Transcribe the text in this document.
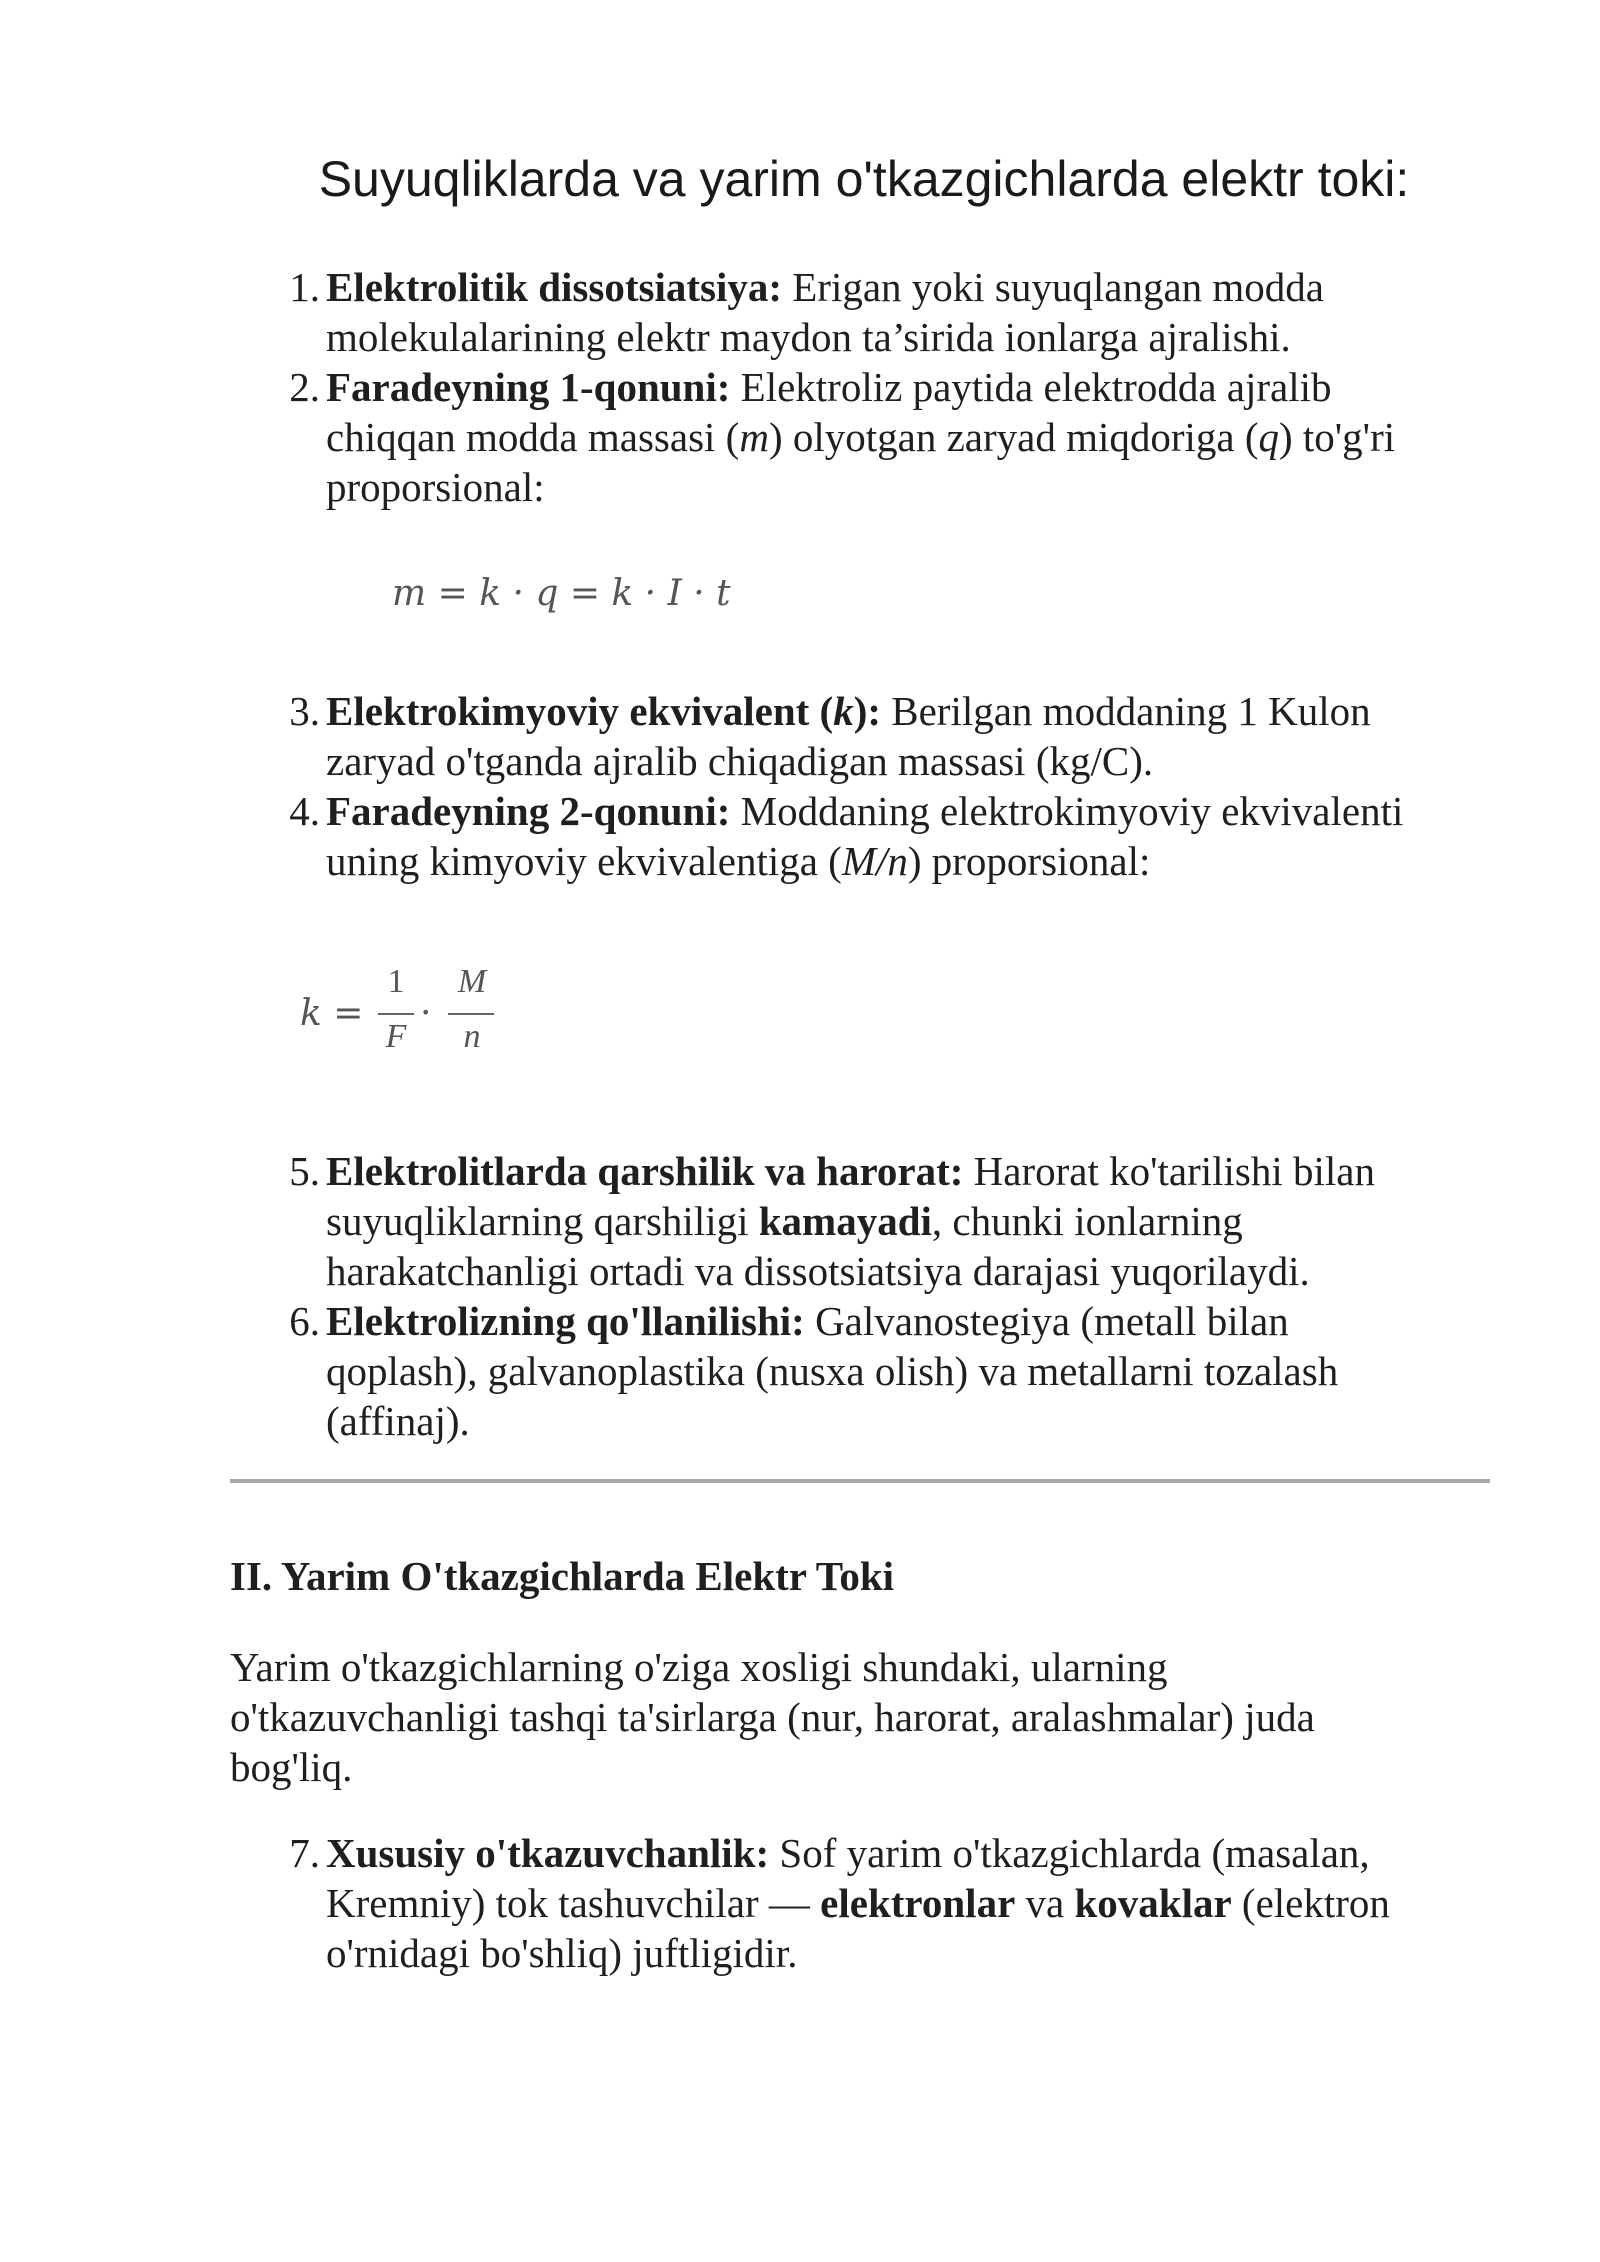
Suyuqliklarda va yarim o'tkazgichlarda elektr toki:
1. Elektrolitik dissotsiatsiya: Erigan yoki suyuqlangan modda
molekulalarining elektr maydon ta’sirida ionlarga ajralishi.
2. Faradeyning 1-qonuni: Elektroliz paytida elektrodda ajralib
chiqqan modda massasi (m) olyotgan zaryad miqdoriga (q) to'g'ri
proporsional:
m = k · q = k · I · t
3. Elektrokimyoviy ekvivalent (k): Berilgan moddaning 1 Kulon
zaryad o'tganda ajralib chiqadigan massasi (kg/C).
4. Faradeyning 2-qonuni: Moddaning elektrokimyoviy ekvivalenti
uning kimyoviy ekvivalentiga (M/n) proporsional:
k =
1
F
·
M
n
5. Elektrolitlarda qarshilik va harorat: Harorat ko'tarilishi bilan
suyuqliklarning qarshiligi kamayadi, chunki ionlarning
harakatchanligi ortadi va dissotsiatsiya darajasi yuqorilaydi.
6. Elektrolizning qo'llanilishi: Galvanostegiya (metall bilan
qoplash), galvanoplastika (nusxa olish) va metallarni tozalash
(affinaj).
II. Yarim O'tkazgichlarda Elektr Toki
Yarim o'tkazgichlarning o'ziga xosligi shundaki, ularning
o'tkazuvchanligi tashqi ta'sirlarga (nur, harorat, aralashmalar) juda
bog'liq.
7. Xususiy o'tkazuvchanlik: Sof yarim o'tkazgichlarda (masalan,
Kremniy) tok tashuvchilar — elektronlar va kovaklar (elektron
o'rnidagi bo'shliq) juftligidir.
